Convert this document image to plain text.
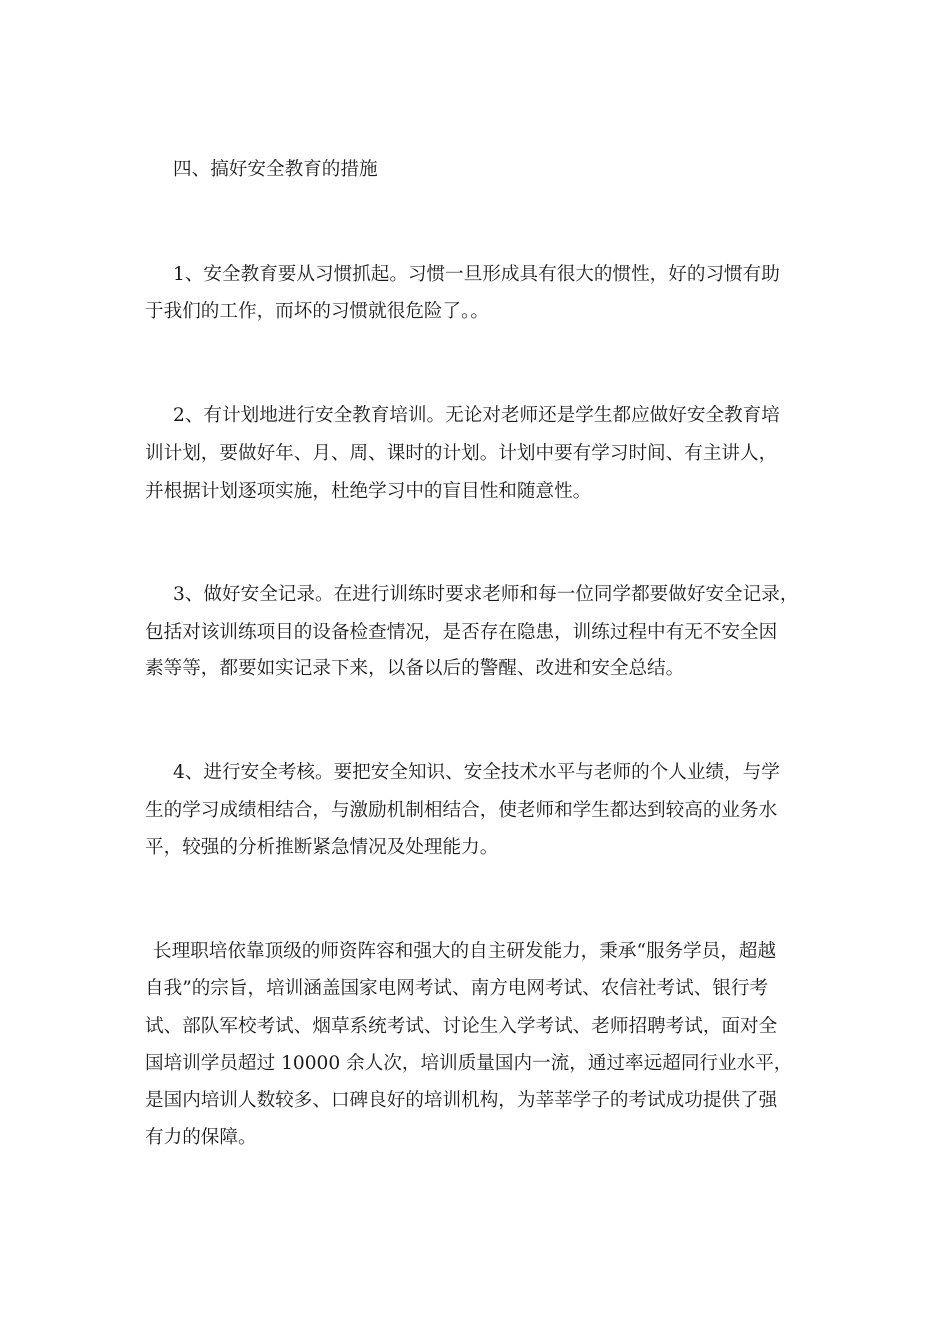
四、搞好安全教育的措施
1、安全教育要从习惯抓起。习惯一旦形成具有很大的惯性，好的习惯有助
于我们的工作，而坏的习惯就很危险了。。
2、有计划地进行安全教育培训。无论对老师还是学生都应做好安全教育培
训计划，要做好年、月、周、课时的计划。计划中要有学习时间、有主讲人，
并根据计划逐项实施，杜绝学习中的盲目性和随意性。
3、做好安全记录。在进行训练时要求老师和每一位同学都要做好安全记录，
包括对该训练项目的设备检查情况，是否存在隐患，训练过程中有无不安全因
素等等，都要如实记录下来，以备以后的警醒、改进和安全总结。
4、进行安全考核。要把安全知识、安全技术水平与老师的个人业绩，与学
生的学习成绩相结合，与激励机制相结合，使老师和学生都达到较高的业务水
平，较强的分析推断紧急情况及处理能力。
长理职培依靠顶级的师资阵容和强大的自主研发能力，秉承“服务学员，超越
自我”的宗旨，培训涵盖国家电网考试、南方电网考试、农信社考试、银行考
试、部队军校考试、烟草系统考试、讨论生入学考试、老师招聘考试，面对全
国培训学员超过 10000 余人次，培训质量国内一流，通过率远超同行业水平，
是国内培训人数较多、口碑良好的培训机构，为莘莘学子的考试成功提供了强
有力的保障。
